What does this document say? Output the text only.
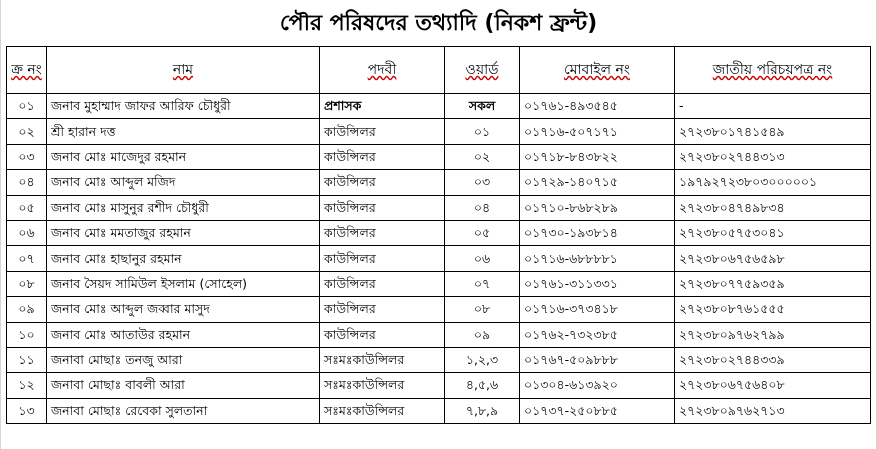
পৌর পরিষদের তথ্যাদি (নিকশ ফ্রন্ট)
ক্র নং	নাম	পদবী	ওয়ার্ড	মোবাইল নং	জাতীয় পরিচয়পত্র নং
০১	জনাব মুহাম্মাদ জাফর আরিফ চৌধুরী	প্রশাসক	সকল	০১৭৬১-৪৯৩৫৪৫	-
০২	শ্রী হারান দত্ত	কাউন্সিলর	০১	০১৭১৬-৫০৭১৭১	২৭২৩৮০১৭৪১৫৪৯
০৩	জনাব মোঃ মাজেদুর রহমান	কাউন্সিলর	০২	০১৭১৮-৮৪৩৮২২	২৭২৩৮০২৭৪৪৩১৩
০৪	জনাব মোঃ আব্দুল মজিদ	কাউন্সিলর	০৩	০১৭২৯-১৪০৭১৫	১৯৭৯২৭২৩৮০৩০০০০০১
০৫	জনাব মোঃ মাসুনুর রশীদ চৌধুরী	কাউন্সিলর	০৪	০১৭১০-৮৬৮২৮৯	২৭২৩৮০৪৭৪৯৮৩৪
০৬	জনাব মোঃ মমতাজুর রহমান	কাউন্সিলর	০৫	০১৭৩০-১৯৩৮১৪	২৭২৩৮০৫৭৫৩০৪১
০৭	জনাব মোঃ হাছানুর রহমান	কাউন্সিলর	০৬	০১৭১৬-৬৮৮৮৮১	২৭২৩৮০৬৭৫৬৫৯৮
০৮	জনাব সৈয়দ সামিউল ইসলাম (সোহেল)	কাউন্সিলর	০৭	০১৭৬১-৩১১৩৩১	২৭২৩৮০৭৭৫৯৩৫৯
০৯	জনাব মোঃ আব্দুল জব্বার মাসুদ	কাউন্সিলর	০৮	০১৭১৬-৩৭৩৪১৮	২৭২৩৮০৮৭৬১৫৫৫
১০	জনাব মোঃ আতাউর রহমান	কাউন্সিলর	০৯	০১৭৬২-৭৩২৩৮৫	২৭২৩৮০৯৭৬২৭৯৯
১১	জনাবা মোছাঃ তনজু আরা	সঃমঃকাউন্সিলর	১,২,৩	০১৭৬৭-৫০৯৮৮৮	২৭২৩৮০২৭৪৪৩৩৯
১২	জনাবা মোছাঃ বাবলী আরা	সঃমঃকাউন্সিলর	৪,৫,৬	০১৩০৪-৬১৩৯২০	২৭২৩৮০৬৭৫৬৪০৮
১৩	জনাবা মোছাঃ রেবেকা সুলতানা	সঃমঃকাউন্সিলর	৭,৮,৯	০১৭৩৭-২৫০৮৮৫	২৭২৩৮০৯৭৬২৭১৩
